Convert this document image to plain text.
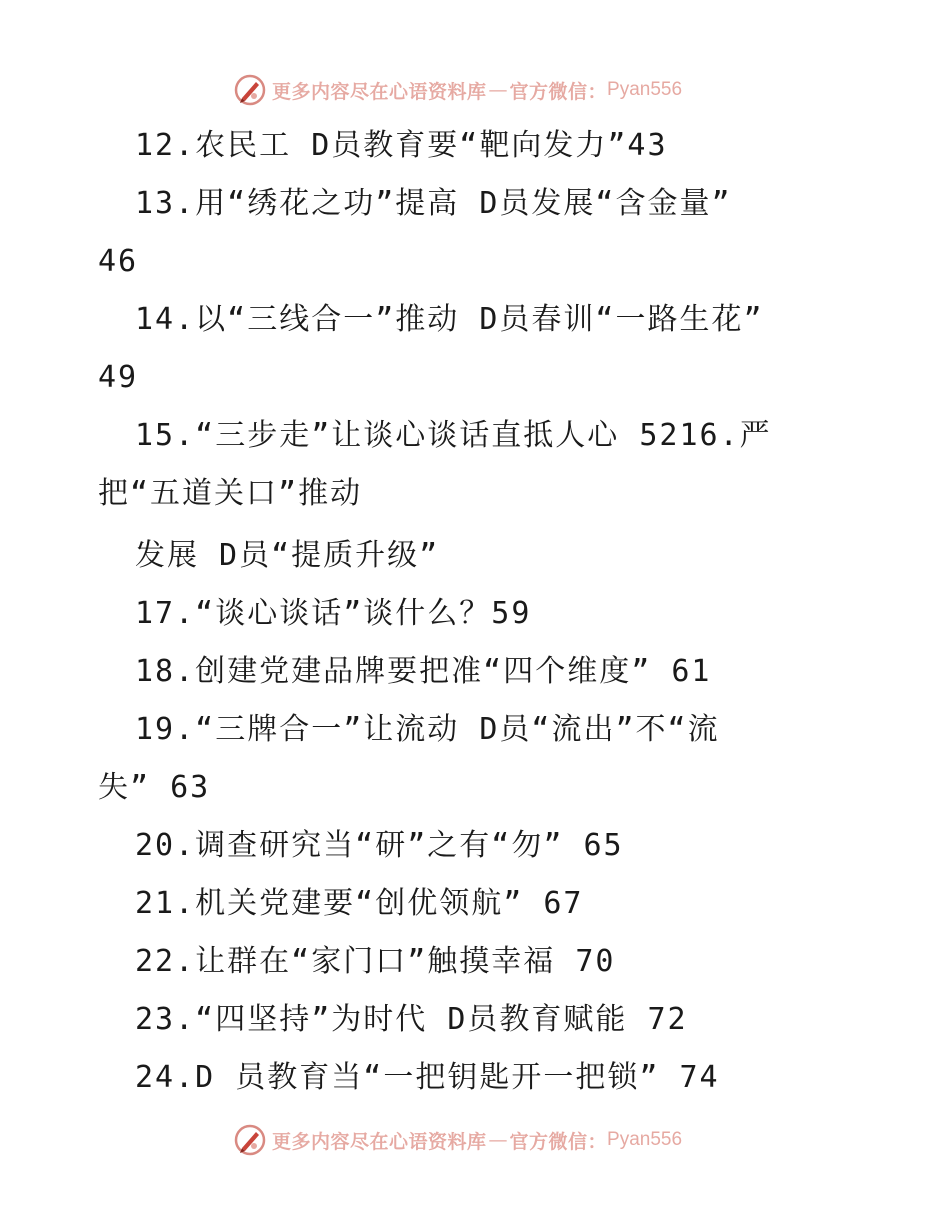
更多内容尽在心语资料库 — 官方微信： Pyan556
12.农民工 D员教育要“靶向发力”43
13.用“绣花之功”提高 D员发展“含金量”
46
14.以“三线合一”推动 D员春训“一路生花”
49
15.“三步走”让谈心谈话直抵人心 5216.严
把“五道关口”推动
发展 D员“提质升级”
17.“谈心谈话”谈什么？59
18.创建党建品牌要把准“四个维度” 61
19.“三牌合一”让流动 D员“流出”不“流
失” 63
20.调查研究当“研”之有“勿” 65
21.机关党建要“创优领航” 67
22.让群在“家门口”触摸幸福 70
23.“四坚持”为时代 D员教育赋能 72
24.D 员教育当“一把钥匙开一把锁” 74
更多内容尽在心语资料库 — 官方微信： Pyan556
